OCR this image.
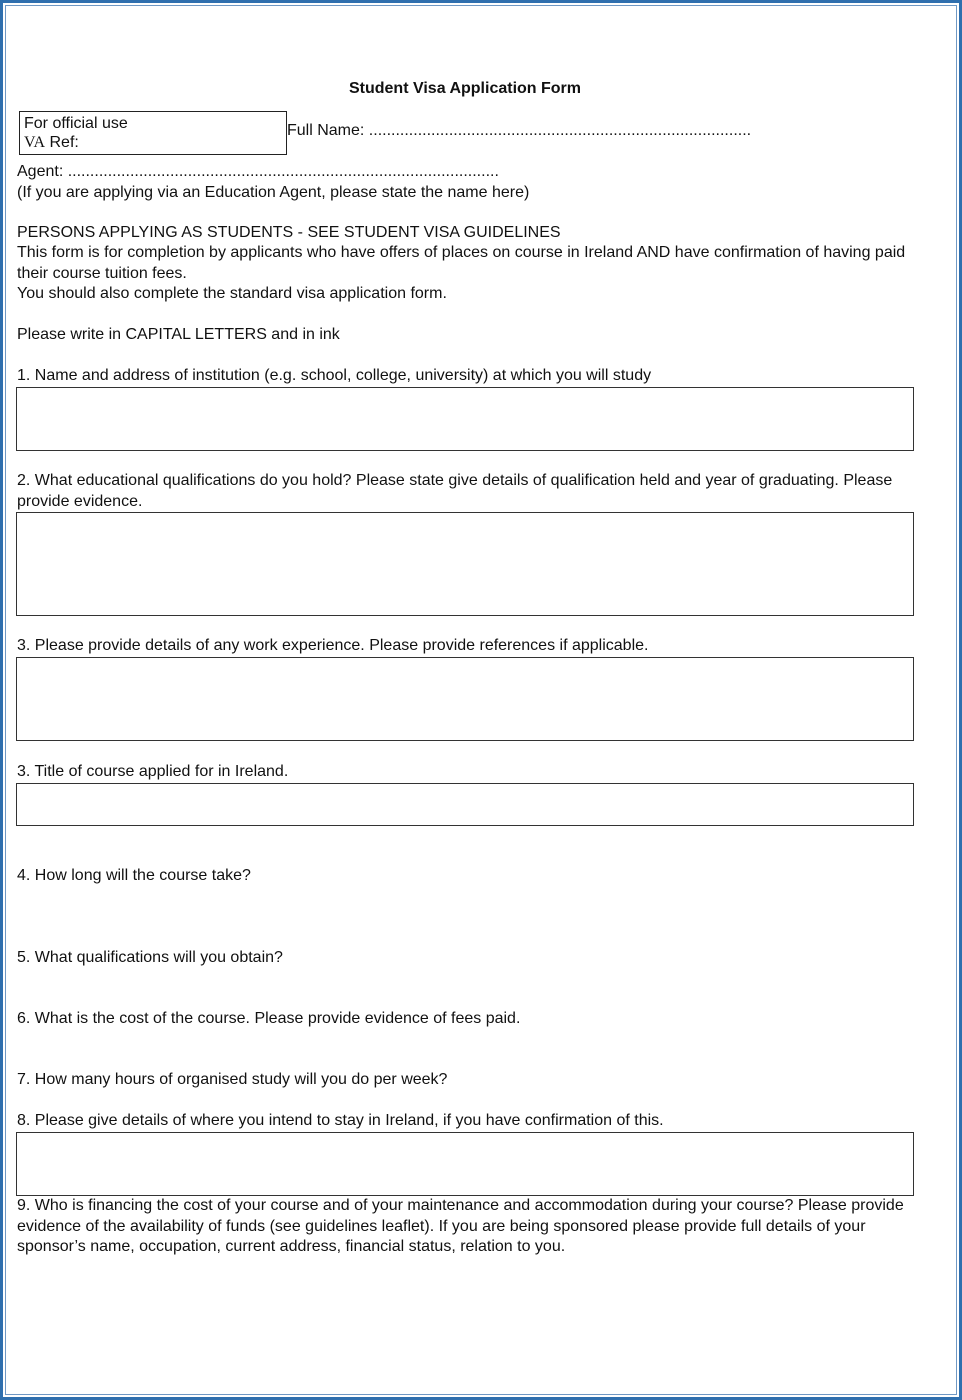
Student Visa Application Form
For official use
VA Ref:
Full Name: ......................................................................................
Agent: .................................................................................................
(If you are applying via an Education Agent, please state the name here)
PERSONS APPLYING AS STUDENTS - SEE STUDENT VISA GUIDELINES
This form is for completion by applicants who have offers of places on course in Ireland AND have confirmation of having paid their course tuition fees.
You should also complete the standard visa application form.
Please write in CAPITAL LETTERS and in ink
1. Name and address of institution (e.g. school, college, university) at which you will study
2. What educational qualifications do you hold? Please state give details of qualification held and year of graduating. Please provide evidence.
3. Please provide details of any work experience. Please provide references if applicable.
3. Title of course applied for in Ireland.
4. How long will the course take?
5. What qualifications will you obtain?
6. What is the cost of the course. Please provide evidence of fees paid.
7. How many hours of organised study will you do per week?
8. Please give details of where you intend to stay in Ireland, if you have confirmation of this.
9. Who is financing the cost of your course and of your maintenance and accommodation during your course? Please provide evidence of the availability of funds (see guidelines leaflet). If you are being sponsored please provide full details of your sponsor’s name, occupation, current address, financial status, relation to you.
